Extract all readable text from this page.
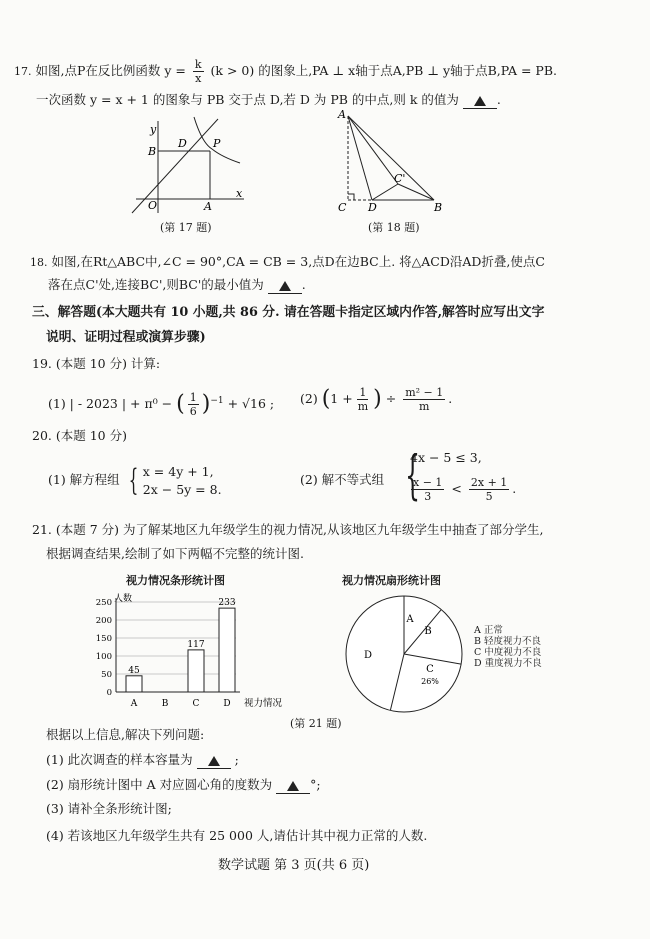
17. 如图,点P在反比例函数 $y = \frac{k}{x} (k > 0)$ 的图象上,PA ⊥ x轴于点A,PB ⊥ y轴于点B,PA = PB.
一次函数 y = x + 1 的图象与 PB 交于点 D,若 D 为 PB 的中点,则 k 的值为	.
y
x
O	A
B
D P
(第 17 题)
A
C D	B
C'
(第 18 题)
18. 如图,在Rt△ABC中,∠C = 90°,CA = CB = 3,点D在边BC上. 将△ACD沿AD折叠,使点C
落在点C'处,连接BC',则BC'的最小值为	.
三、解答题(本大题共有 10 小题,共 86 分. 请在答题卡指定区域内作答,解答时应写出文字
说明、证明过程或演算步骤)
19. (本题 10 分) 计算:
(1) | - 2023 | + π⁰ − ( $\frac{1}{6} )^{-1} + √16$ ; (2) ($1 + \frac{1}{m}$ ) ÷ $\frac{\text{m² − 1}}{m}$ .
20. (本题 10 分)
(1) 解方程组 { x = 4y + 1,
2x − 5y = 8.
(2) 解不等式组 {
4x − 5 ≤ 3,
$\frac{x - 1}{3} < \frac{2x + 1}{5}$ .
21. (本题 7 分) 为了解某地区九年级学生的视力情况,从该地区九年级学生中抽查了部分学生,
根据调查结果,绘制了如下两幅不完整的统计图.
视力情况条形统计图
人数
0
50
100
150
200
250
45
A	B
117
C
233
D 视力情况
视力情况扇形统计图
A
B
C
26%
D
A 正常
B 轻度视力不良
C 中度视力不良
D 重度视力不良
(第 21 题)
根据以上信息,解决下列问题:
(1) 此次调查的样本容量为	;
(2) 扇形统计图中 A 对应圆心角的度数为	°;
(3) 请补全条形统计图;
(4) 若该地区九年级学生共有 25 000 人,请估计其中视力正常的人数.
数学试题 第 3 页(共 6 页)
